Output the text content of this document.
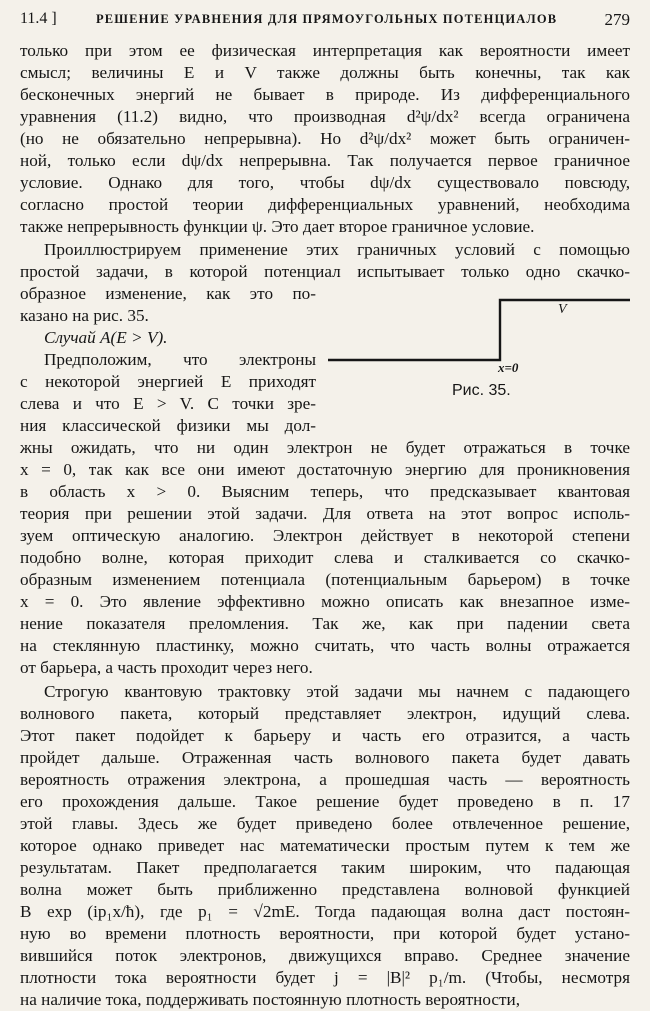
11.4 ]	РЕШЕНИЕ УРАВНЕНИЯ ДЛЯ ПРЯМОУГОЛЬНЫХ ПОТЕНЦИАЛОВ	279
только при этом ее физическая интерпретация как вероятности имеет
смысл; величины E и V также должны быть конечны, так как
бесконечных энергий не бывает в природе. Из дифференциального
уравнения (11.2) видно, что производная d²ψ/dx² всегда ограничена
(но не обязательно непрерывна). Но d²ψ/dx² может быть ограничен-
ной, только если dψ/dx непрерывна. Так получается первое граничное
условие. Однако для того, чтобы dψ/dx существовало повсюду,
согласно простой теории дифференциальных уравнений, необходима
также непрерывность функции ψ. Это дает второе граничное условие.
Проиллюстрируем применение этих граничных условий с помощью
простой задачи, в которой потенциал испытывает только одно скачко-
образное изменение, как это по-
казано на рис. 35.
Случай A(E > V).
Предположим, что электроны
с некоторой энергией E приходят
слева и что E > V. С точки зре-
ния классической физики мы дол-
жны ожидать, что ни один электрон не будет отражаться в точке
x = 0, так как все они имеют достаточную энергию для проникновения
в область x > 0. Выясним теперь, что предсказывает квантовая
теория при решении этой задачи. Для ответа на этот вопрос исполь-
зуем оптическую аналогию. Электрон действует в некоторой степени
подобно волне, которая приходит слева и сталкивается со скачко-
образным изменением потенциала (потенциальным барьером) в точке
x = 0. Это явление эффективно можно описать как внезапное изме-
нение показателя преломления. Так же, как при падении света
на стеклянную пластинку, можно считать, что часть волны отражается
от барьера, а часть проходит через него.
Строгую квантовую трактовку этой задачи мы начнем с падающего
волнового пакета, который представляет электрон, идущий слева.
Этот пакет подойдет к барьеру и часть его отразится, а часть
пройдет дальше. Отраженная часть волнового пакета будет давать
вероятность отражения электрона, а прошедшая часть — вероятность
его прохождения дальше. Такое решение будет проведено в п. 17
этой главы. Здесь же будет приведено более отвлеченное решение,
которое однако приведет нас математически простым путем к тем же
результатам. Пакет предполагается таким широким, что падающая
волна может быть приближенно представлена волновой функцией
B exp (ip₁x/ħ), где p₁ = √2mE. Тогда падающая волна даст постоян-
ную во времени плотность вероятности, при которой будет устано-
вившийся поток электронов, движущихся вправо. Среднее значение
плотности тока вероятности будет j = |B|² p₁/m. (Чтобы, несмотря
на наличие тока, поддерживать постоянную плотность вероятности,
V
x=0
Рис. 35.
